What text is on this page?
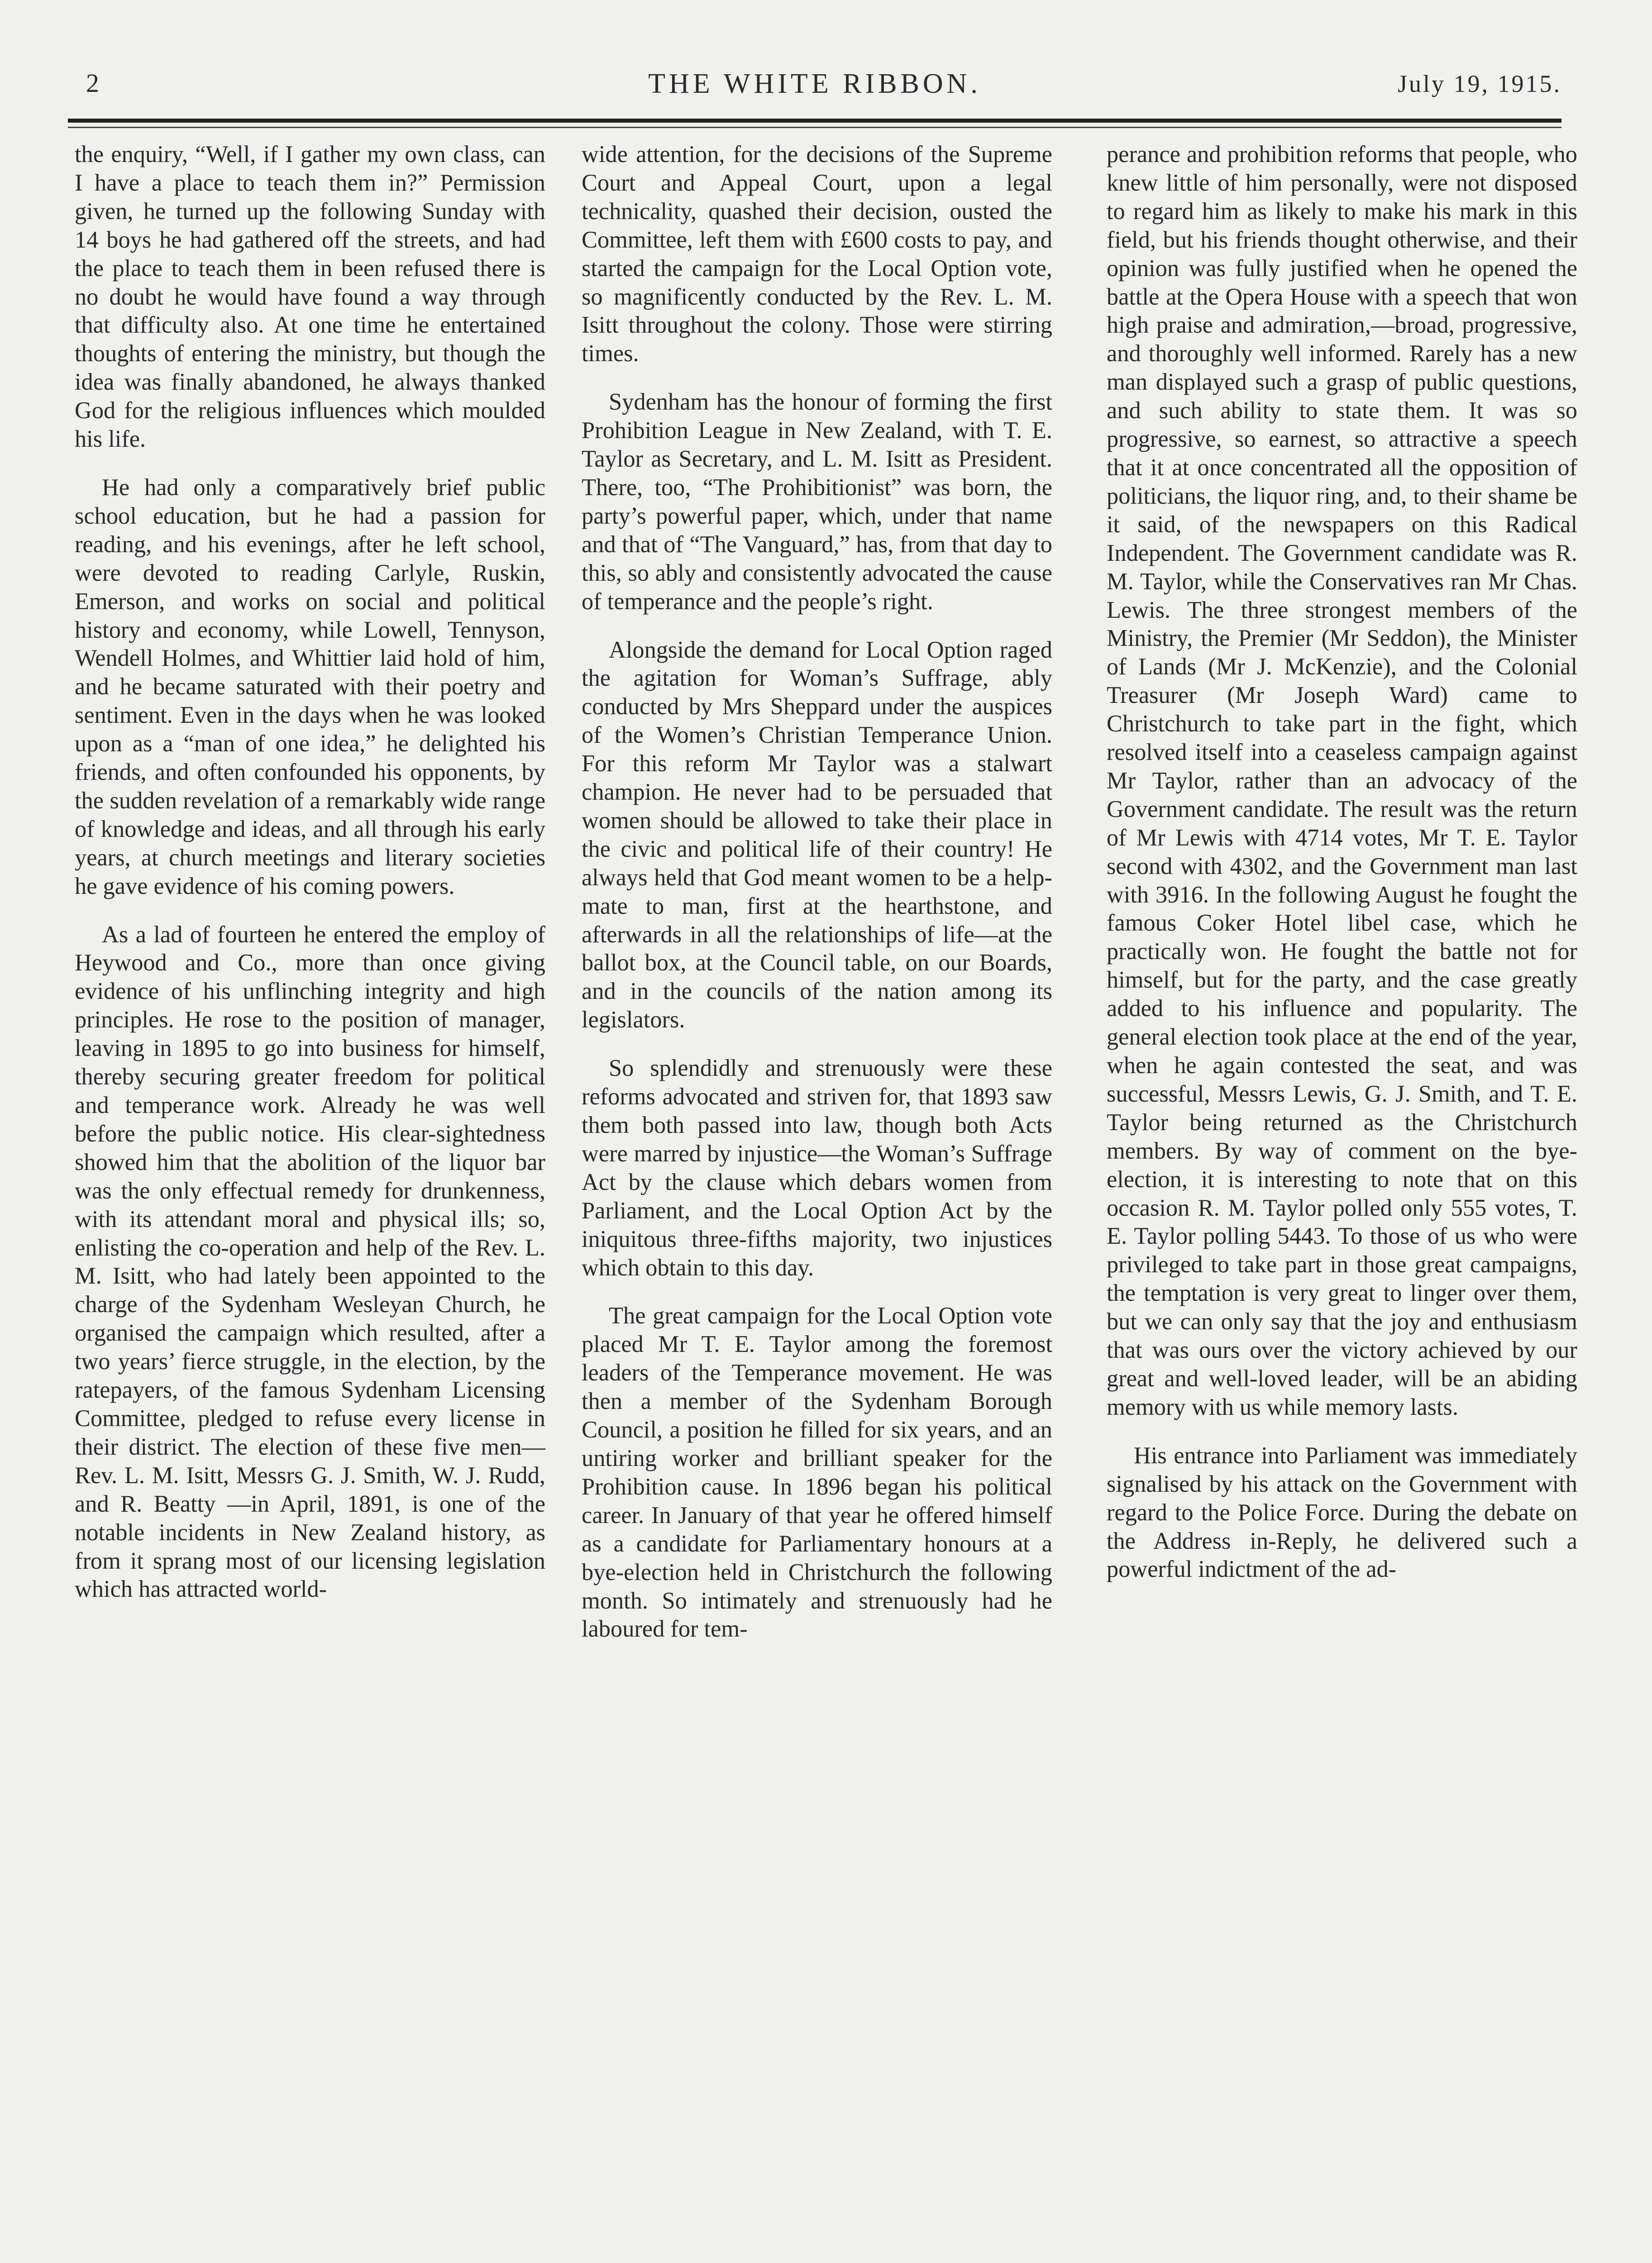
2	THE WHITE RIBBON.	July 19, 1915.

the enquiry, “Well, if I gather my own class, can I have a place to teach them in?” Permission given, he turned up the following Sunday with 14 boys he had gathered off the streets, and had the place to teach them in been refused there is no doubt he would have found a way through that difficulty also. At one time he entertained thoughts of entering the ministry, but though the idea was finally abandoned, he always thanked God for the religious influences which moulded his life.

He had only a comparatively brief public school education, but he had a passion for reading, and his evenings, after he left school, were devoted to reading Carlyle, Ruskin, Emerson, and works on social and political history and economy, while Lowell, Tennyson, Wendell Holmes, and Whittier laid hold of him, and he became saturated with their poetry and sentiment. Even in the days when he was looked upon as a “man of one idea,” he delighted his friends, and often confounded his opponents, by the sudden revelation of a remarkably wide range of knowledge and ideas, and all through his early years, at church meetings and literary societies he gave evidence of his coming powers.

As a lad of fourteen he entered the employ of Heywood and Co., more than once giving evidence of his unflinching integrity and high principles. He rose to the position of manager, leaving in 1895 to go into business for himself, thereby securing greater freedom for political and temperance work. Already he was well before the public notice. His clear-sightedness showed him that the abolition of the liquor bar was the only effectual remedy for drunkenness, with its attendant moral and physical ills; so, enlisting the co-operation and help of the Rev. L. M. Isitt, who had lately been appointed to the charge of the Sydenham Wesleyan Church, he organised the campaign which resulted, after a two years’ fierce struggle, in the election, by the ratepayers, of the famous Sydenham Licensing Committee, pledged to refuse every license in their district. The election of these five men—Rev. L. M. Isitt, Messrs G. J. Smith, W. J. Rudd, and R. Beatty —in April, 1891, is one of the notable incidents in New Zealand history, as from it sprang most of our licensing legislation which has attracted world-

wide attention, for the decisions of the Supreme Court and Appeal Court, upon a legal technicality, quashed their decision, ousted the Committee, left them with £600 costs to pay, and started the campaign for the Local Option vote, so magnificently conducted by the Rev. L. M. Isitt throughout the colony. Those were stirring times.

Sydenham has the honour of forming the first Prohibition League in New Zealand, with T. E. Taylor as Secretary, and L. M. Isitt as President. There, too, “The Prohibitionist” was born, the party’s powerful paper, which, under that name and that of “The Vanguard,” has, from that day to this, so ably and consistently advocated the cause of temperance and the people’s right.

Alongside the demand for Local Option raged the agitation for Woman’s Suffrage, ably conducted by Mrs Sheppard under the auspices of the Women’s Christian Temperance Union. For this reform Mr Taylor was a stalwart champion. He never had to be persuaded that women should be allowed to take their place in the civic and political life of their country! He always held that God meant women to be a help-mate to man, first at the hearthstone, and afterwards in all the relationships of life—at the ballot box, at the Council table, on our Boards, and in the councils of the nation among its legislators.

So splendidly and strenuously were these reforms advocated and striven for, that 1893 saw them both passed into law, though both Acts were marred by injustice—the Woman’s Suffrage Act by the clause which debars women from Parliament, and the Local Option Act by the iniquitous three-fifths majority, two injustices which obtain to this day.

The great campaign for the Local Option vote placed Mr T. E. Taylor among the foremost leaders of the Temperance movement. He was then a member of the Sydenham Borough Council, a position he filled for six years, and an untiring worker and brilliant speaker for the Prohibition cause. In 1896 began his political career. In January of that year he offered himself as a candidate for Parliamentary honours at a bye-election held in Christchurch the following month. So intimately and strenuously had he laboured for tem-

perance and prohibition reforms that people, who knew little of him personally, were not disposed to regard him as likely to make his mark in this field, but his friends thought otherwise, and their opinion was fully justified when he opened the battle at the Opera House with a speech that won high praise and admiration,—broad, progressive, and thoroughly well informed. Rarely has a new man displayed such a grasp of public questions, and such ability to state them. It was so progressive, so earnest, so attractive a speech that it at once concentrated all the opposition of politicians, the liquor ring, and, to their shame be it said, of the newspapers on this Radical Independent. The Government candidate was R. M. Taylor, while the Conservatives ran Mr Chas. Lewis. The three strongest members of the Ministry, the Premier (Mr Seddon), the Minister of Lands (Mr J. McKenzie), and the Colonial Treasurer (Mr Joseph Ward) came to Christchurch to take part in the fight, which resolved itself into a ceaseless campaign against Mr Taylor, rather than an advocacy of the Government candidate. The result was the return of Mr Lewis with 4714 votes, Mr T. E. Taylor second with 4302, and the Government man last with 3916. In the following August he fought the famous Coker Hotel libel case, which he practically won. He fought the battle not for himself, but for the party, and the case greatly added to his influence and popularity. The general election took place at the end of the year, when he again contested the seat, and was successful, Messrs Lewis, G. J. Smith, and T. E. Taylor being returned as the Christchurch members. By way of comment on the bye-election, it is interesting to note that on this occasion R. M. Taylor polled only 555 votes, T. E. Taylor polling 5443. To those of us who were privileged to take part in those great campaigns, the temptation is very great to linger over them, but we can only say that the joy and enthusiasm that was ours over the victory achieved by our great and well-loved leader, will be an abiding memory with us while memory lasts.

His entrance into Parliament was immediately signalised by his attack on the Government with regard to the Police Force. During the debate on the Address in-Reply, he delivered such a powerful indictment of the ad-
